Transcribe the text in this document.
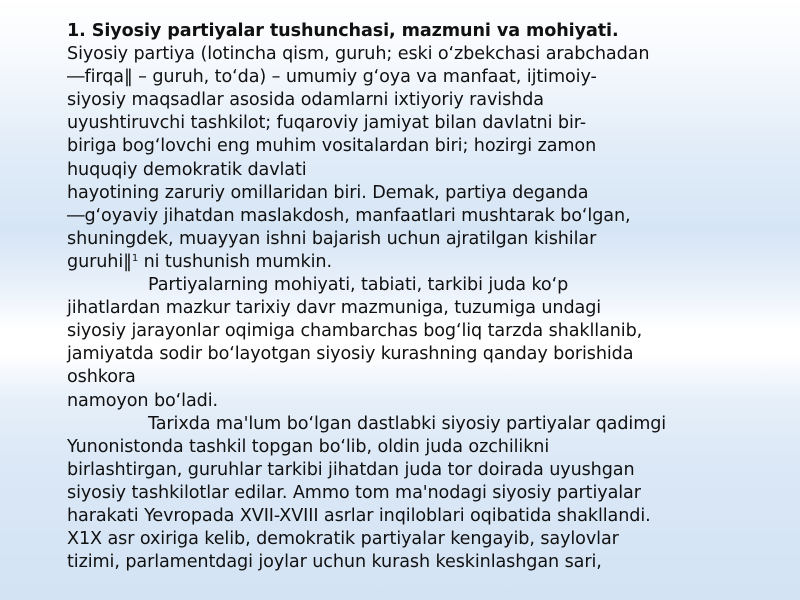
1. Siyosiy partiyalar tushunchasi, mazmuni va mohiyati.
Siyosiy partiya (lotincha qism, guruh; eski o‘zbekchasi arabchadan
―firqa‖ – guruh, to‘da) – umumiy g‘oya va manfaat, ijtimoiy-
siyosiy maqsadlar asosida odamlarni ixtiyoriy ravishda
uyushtiruvchi tashkilot; fuqaroviy jamiyat bilan davlatni bir-
biriga bog‘lovchi eng muhim vositalardan biri; hozirgi zamon
huquqiy demokratik davlati
hayotining zaruriy omillaridan biri. Demak, partiya deganda
―g‘oyaviy jihatdan maslakdosh, manfaatlari mushtarak bo‘lgan,
shuningdek, muayyan ishni bajarish uchun ajratilgan kishilar
guruhi‖$^1$ ni tushunish mumkin.
Partiyalarning mohiyati, tabiati, tarkibi juda ko‘p
jihatlardan mazkur tarixiy davr mazmuniga, tuzumiga undagi
siyosiy jarayonlar oqimiga chambarchas bog‘liq tarzda shakllanib,
jamiyatda sodir bo‘layotgan siyosiy kurashning qanday borishida
oshkora
namoyon bo‘ladi.
Tarixda ma'lum bo‘lgan dastlabki siyosiy partiyalar qadimgi
Yunonistonda tashkil topgan bo‘lib, oldin juda ozchilikni
birlashtirgan, guruhlar tarkibi jihatdan juda tor doirada uyushgan
siyosiy tashkilotlar edilar. Ammo tom ma'nodagi siyosiy partiyalar
harakati Yevropada XVII-XVIII asrlar inqiloblari oqibatida shakllandi.
X1X asr oxiriga kelib, demokratik partiyalar kengayib, saylovlar
tizimi, parlamentdagi joylar uchun kurash keskinlashgan sari,
